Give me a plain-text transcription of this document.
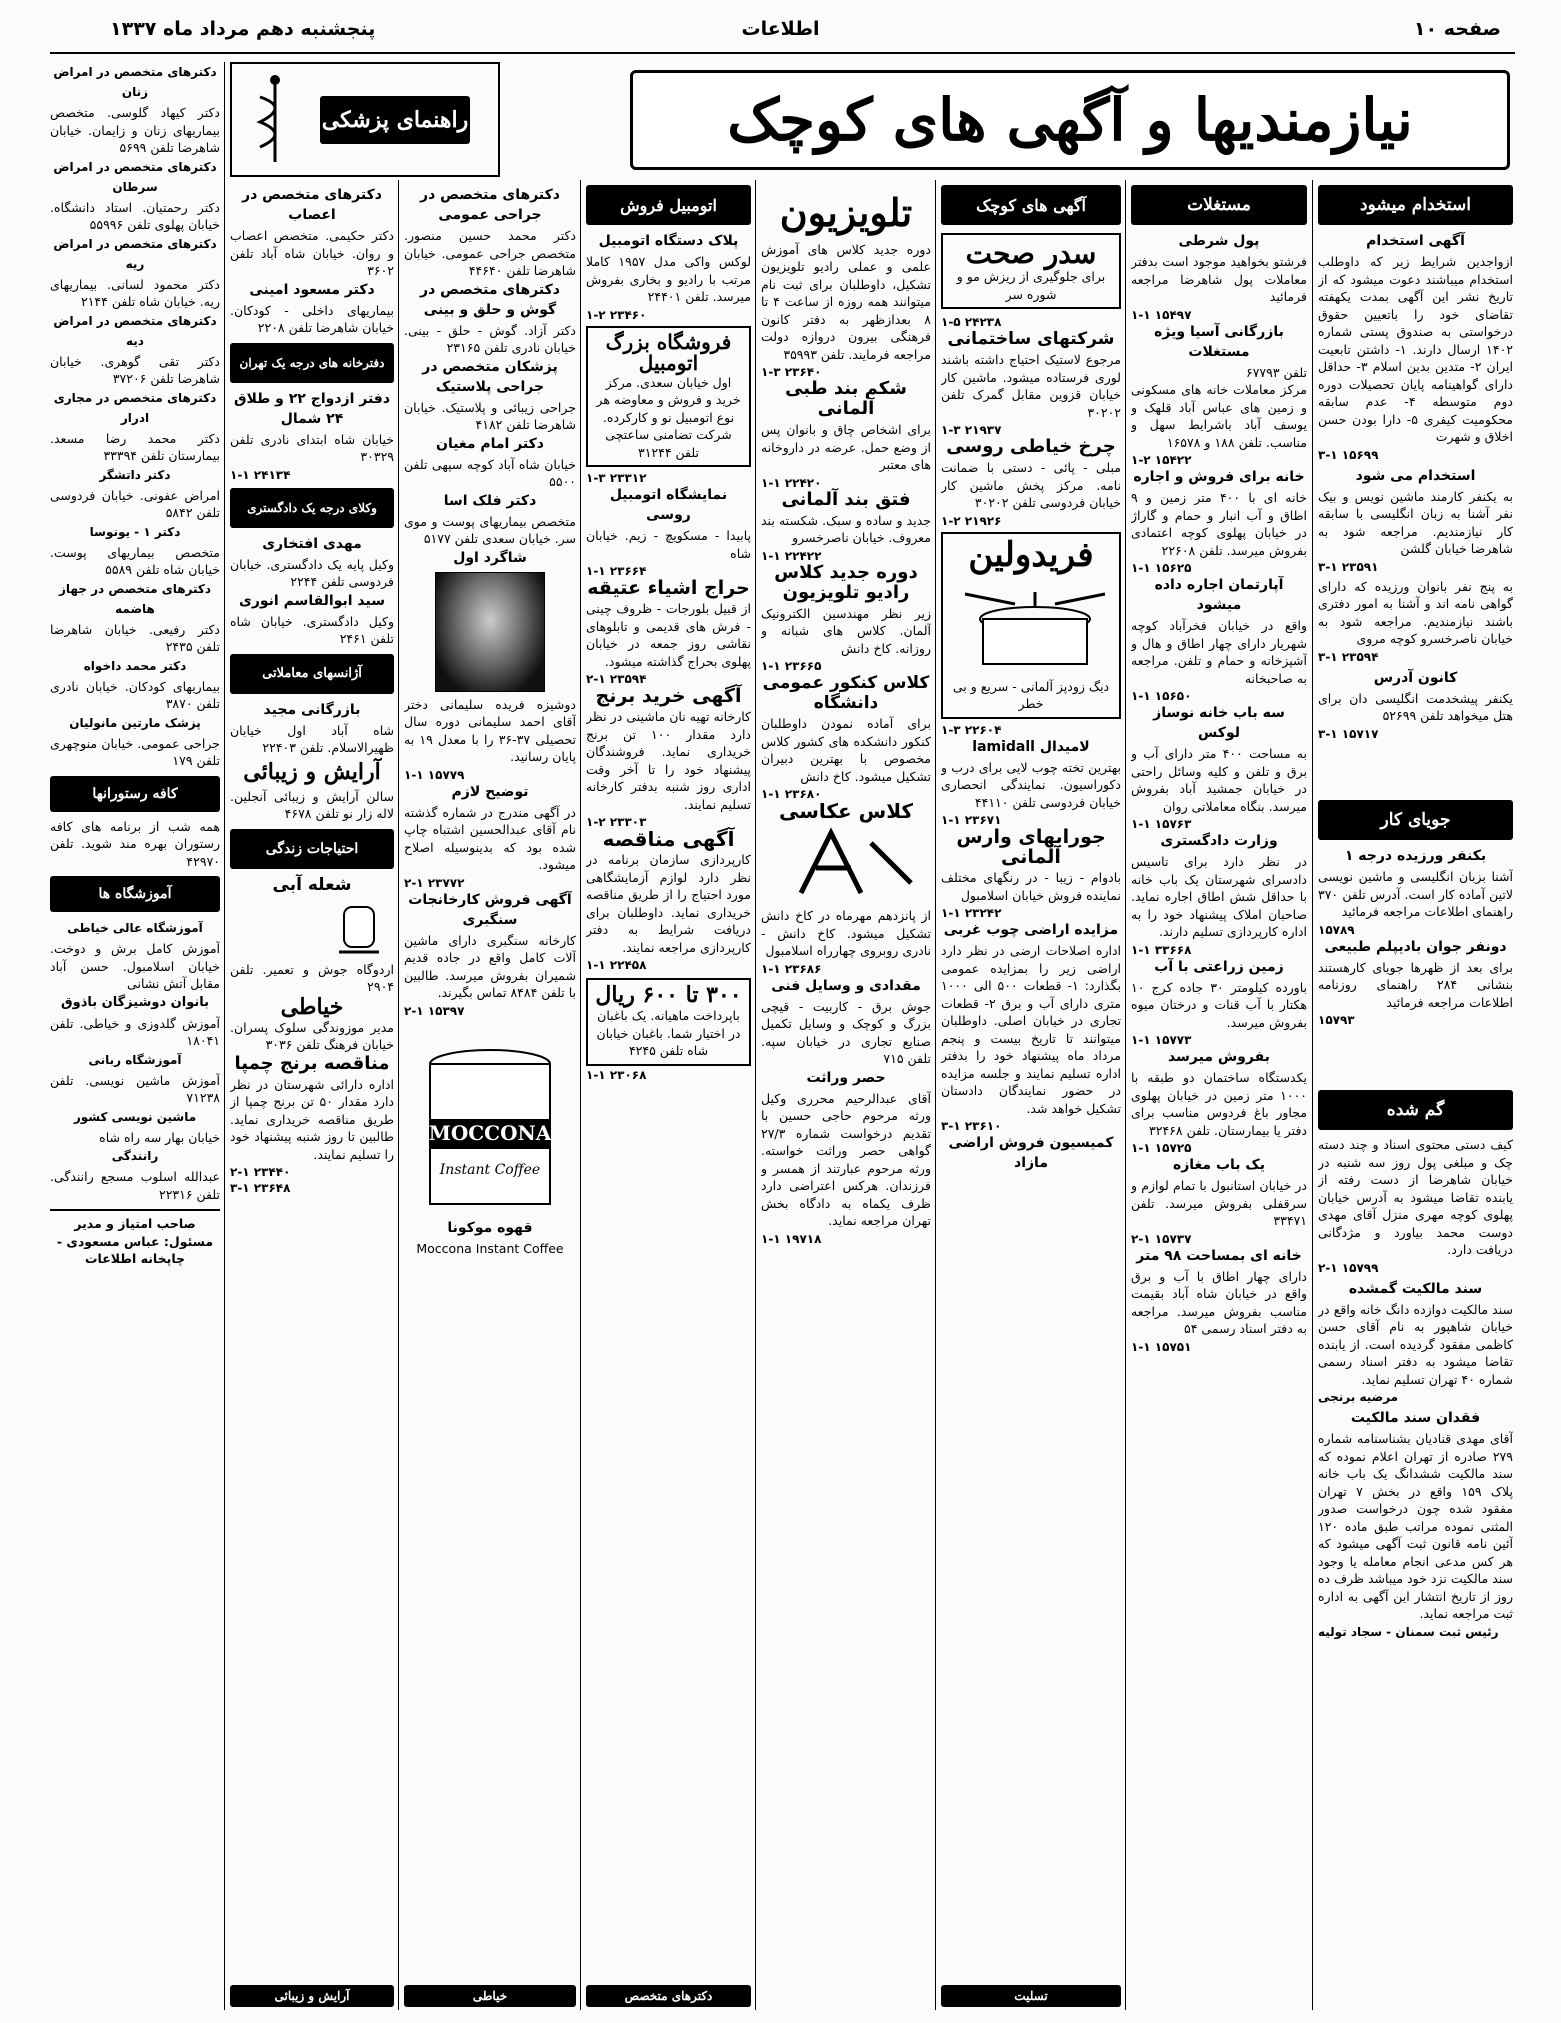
صفحه ۱۰
اطلاعات
پنجشنبه دهم مرداد ماه ۱۳۳۷
نیازمندیها و آگهی های کوچک
راهنمای پزشکی
استخدام میشود
آگهی استخدام

ازواجدین شرایط زیر که داوطلب استخدام میباشند دعوت میشود که از تاریخ نشر این آگهی بمدت یکهفته تقاضای خود را باتعیین حقوق درخواستی به صندوق پستی شماره ۱۴۰۲ ارسال دارند. ۱- داشتن تابعیت ایران ۲- متدین بدین اسلام ۳- حداقل دارای گواهینامه پایان تحصیلات دوره دوم متوسطه ۴- عدم سابقه محکومیت کیفری ۵- دارا بودن حسن اخلاق و شهرت

۳-۱ ۱۵۶۹۹
استخدام می شود

به یکنفر کارمند ماشین نویس و بیک نفر آشنا به زبان انگلیسی با سابقه کار نیازمندیم. مراجعه شود به شاهرضا خیابان گلشن

۳-۱ ۲۳۵۹۱

به پنج نفر بانوان ورزیده که دارای گواهی نامه اند و آشنا به امور دفتری باشند نیازمندیم. مراجعه شود به خیابان ناصرخسرو کوچه مروی

۳-۱ ۲۳۵۹۴
کانون آدرس

یکنفر پیشخدمت انگلیسی دان برای هتل میخواهد تلفن ۵۲۶۹۹

۳-۱ ۱۵۷۱۷
جویای کار
بکنفر ورزیده درجه ۱

آشنا بزبان انگلیسی و ماشین نویسی لاتین آماده کار است. آدرس تلفن ۳۷۰ راهنمای اطلاعات مراجعه فرمائید

۱۵۷۸۹
دونفر جوان بادیپلم طبیعی

برای بعد از ظهرها جویای کارهستند بنشانی ۲۸۴ راهنمای روزنامه اطلاعات مراجعه فرمائید

۱۵۷۹۳
گم شده

کیف دستی محتوی اسناد و چند دسته چک و مبلغی پول روز سه شنبه در خیابان شاهرضا از دست رفته از یابنده تقاضا میشود به آدرس خیابان پهلوی کوچه مهری منزل آقای مهدی دوست محمد بیاورد و مژدگانی دریافت دارد.

۲-۱ ۱۵۷۹۹
سند مالکیت گمشده

سند مالکیت دوازده دانگ خانه واقع در خیابان شاهپور به نام آقای حسن کاظمی مفقود گردیده است. از یابنده تقاضا میشود به دفتر اسناد رسمی شماره ۴۰ تهران تسلیم نماید.

مرضیه برنجی
فقدان سند مالکیت

آقای مهدی قنادیان بشناسنامه شماره ۲۷۹ صادره از تهران اعلام نموده که سند مالکیت ششدانگ یک باب خانه پلاک ۱۵۹ واقع در بخش ۷ تهران مفقود شده چون درخواست صدور المثنی نموده مراتب طبق ماده ۱۲۰ آئین نامه قانون ثبت آگهی میشود که هر کس مدعی انجام معامله یا وجود سند مالکیت نزد خود میباشد ظرف ده روز از تاریخ انتشار این آگهی به اداره ثبت مراجعه نماید.

رئیس ثبت سمنان - سجاد تولیه
مستغلات
پول شرطی

فرشتو بخواهید موجود است بدفتر معاملات پول شاهرضا مراجعه فرمائید

۱-۱ ۱۵۴۹۷
بازرگانی آسیا ویژه مستغلات

تلفن ۶۷۷۹۳

مرکز معاملات خانه های مسکونی و زمین های عباس آباد قلهک و یوسف آباد باشرایط سهل و مناسب. تلفن ۱۸۸ و ۱۶۵۷۸

۱-۲ ۱۵۴۲۲
خانه برای فروش و اجاره

خانه ای با ۴۰۰ متر زمین و ۹ اطاق و آب انبار و حمام و گاراژ در خیابان پهلوی کوچه اعتمادی بفروش میرسد. تلفن ۲۲۶۰۸

۱-۱ ۱۵۶۲۵
آپارتمان اجاره داده میشود

واقع در خیابان فخرآباد کوچه شهریار دارای چهار اطاق و هال و آشپزخانه و حمام و تلفن. مراجعه به صاحبخانه

۱-۱ ۱۵۶۵۰
سه باب خانه نوساز لوکس

به مساحت ۴۰۰ متر دارای آب و برق و تلفن و کلیه وسائل راحتی در خیابان جمشید آباد بفروش میرسد. بنگاه معاملاتی روان

۱-۱ ۱۵۷۶۳
وزارت دادگستری

در نظر دارد برای تاسیس دادسرای شهرستان یک باب خانه با حداقل شش اطاق اجاره نماید. صاحبان املاک پیشنهاد خود را به اداره کارپردازی تسلیم دارند.

۱-۱ ۳۳۶۶۸
زمین زراعتی با آب

باورده کیلومتر ۳۰ جاده کرج ۱۰ هکتار با آب قنات و درختان میوه بفروش میرسد.

۱-۱ ۱۵۷۷۳
بفروش میرسد

یکدستگاه ساختمان دو طبقه با ۱۰۰۰ متر زمین در خیابان پهلوی مجاور باغ فردوس مناسب برای دفتر یا بیمارستان. تلفن ۳۲۴۶۸

۱-۱ ۱۵۷۲۵
یک باب مغازه

در خیابان استانبول با تمام لوازم و سرقفلی بفروش میرسد. تلفن ۳۳۴۷۱

۲-۱ ۱۵۷۳۷
خانه ای بمساحت ۹۸ متر

دارای چهار اطاق با آب و برق واقع در خیابان شاه آباد بقیمت مناسب بفروش میرسد. مراجعه به دفتر اسناد رسمی ۵۴

۱-۱ ۱۵۷۵۱
آگهی های کوچک
سدر صحت

برای جلوگیری از ریزش مو و شوره سر

۱-۵ ۲۴۲۳۸
شرکتهای ساختمانی

مرجوع لاستیک احتیاج داشته باشند لوری فرستاده میشود. ماشین کار خیابان قزوین مقابل گمرک تلفن ۳۰۲۰۲

۱-۳ ۲۱۹۳۷
چرخ خیاطی روسی

مبلی - پائی - دستی با ضمانت نامه. مرکز پخش ماشین کار خیابان فردوسی تلفن ۳۰۲۰۲

۱-۲ ۲۱۹۲۶
فریدولین

دیگ زودپز آلمانی - سریع و بی خطر

۱-۳ ۲۲۶۰۴
لامیدال lamidall

بهترین تخته چوب لایی برای درب و دکوراسیون. نمایندگی انحصاری خیابان فردوسی تلفن ۴۴۱۱۰

۱-۱ ۲۳۶۷۱
جورابهای وارس آلمانی

بادوام - زیبا - در رنگهای مختلف نماینده فروش خیابان اسلامبول

۱-۱ ۲۳۲۴۲
مزایده اراضی چوب غربی

اداره اصلاحات ارضی در نظر دارد اراضی زیر را بمزایده عمومی بگذارد: ۱- قطعات ۵۰۰ الی ۱۰۰۰ متری دارای آب و برق ۲- قطعات تجاری در خیابان اصلی. داوطلبان میتوانند تا تاریخ بیست و پنجم مرداد ماه پیشنهاد خود را بدفتر اداره تسلیم نمایند و جلسه مزایده در حضور نمایندگان دادستان تشکیل خواهد شد.

۳-۱ ۲۳۶۱۰
کمیسیون فروش اراضی مازاد
تلویزیون

دوره جدید کلاس های آموزش علمی و عملی رادیو تلویزیون تشکیل، داوطلبان برای ثبت نام میتوانند همه روزه از ساعت ۴ تا ۸ بعدازظهر به دفتر کانون فرهنگی بیرون دروازه دولت مراجعه فرمایند. تلفن ۳۵۹۹۳

۱-۳ ۲۳۶۴۰
شکم بند طبی آلمانی

برای اشخاص چاق و بانوان پس از وضع حمل. عرضه در داروخانه های معتبر

۱-۱ ۲۲۴۲۰
فتق بند آلمانی

جدید و ساده و سبک. شکسته بند معروف. خیابان ناصرخسرو

۱-۱ ۲۲۴۲۲
دوره جدید کلاس رادیو تلویزیون

زیر نظر مهندسین الکترونیک آلمان. کلاس های شبانه و روزانه. کاخ دانش

۱-۱ ۲۳۶۶۵
کلاس کنکور عمومی دانشگاه

برای آماده نمودن داوطلبان کنکور دانشکده های کشور کلاس مخصوص با بهترین دبیران تشکیل میشود. کاخ دانش

۱-۱ ۲۳۶۸۰
کلاس عکاسی

از پانزدهم مهرماه در کاخ دانش تشکیل میشود. کاخ دانش - نادری روبروی چهارراه اسلامبول

۱-۱ ۲۳۶۸۶
مقدادی و وسایل فنی

جوش برق - کاربیت - قیچی بزرگ و کوچک و وسایل تکمیل صنایع تجاری در خیابان سپه. تلفن ۷۱۵

حصر وراثت

آقای عبدالرحیم محرری وکیل ورثه مرحوم حاجی حسین با تقدیم درخواست شماره ۲۷/۳ گواهی حصر وراثت خواسته. ورثه مرحوم عبارتند از همسر و فرزندان. هرکس اعتراضی دارد ظرف یکماه به دادگاه بخش تهران مراجعه نماید.

۱-۱ ۱۹۷۱۸
اتومبیل فروش
پلاک دستگاه اتومبیل

لوکس واکی مدل ۱۹۵۷ کاملا مرتب با رادیو و بخاری بفروش میرسد. تلفن ۲۴۴۰۱

۱-۲ ۲۳۴۶۰
فروشگاه بزرگ اتومبیل

اول خیابان سعدی. مرکز خرید و فروش و معاوضه هر نوع اتومبیل نو و کارکرده. شرکت تضامنی ساعتچی تلفن ۳۱۲۴۴

۱-۳ ۲۳۳۱۲
نمایشگاه اتومبیل روسی

پابیدا - مسکویچ - زیم. خیابان شاه

۱-۱ ۲۳۶۶۴
حراج اشیاء عتیقه

از قبیل بلورجات - ظروف چینی - فرش های قدیمی و تابلوهای نقاشی روز جمعه در خیابان پهلوی بحراج گذاشته میشود.

۲-۱ ۲۳۵۹۴
آگهی خرید برنج

کارخانه تهیه نان ماشینی در نظر دارد مقدار ۱۰۰ تن برنج خریداری نماید. فروشندگان پیشنهاد خود را تا آخر وقت اداری روز شنبه بدفتر کارخانه تسلیم نمایند.

۱-۲ ۲۳۳۰۳
آگهی مناقصه

کارپردازی سازمان برنامه در نظر دارد لوازم آزمایشگاهی مورد احتیاج را از طریق مناقصه خریداری نماید. داوطلبان برای دریافت شرایط به دفتر کارپردازی مراجعه نمایند.

۱-۱ ۲۲۴۵۸
۳۰۰ تا ۶۰۰ ریال

باپرداخت ماهیانه. یک باغبان در اختیار شما. باغبان خیابان شاه تلفن ۴۲۴۵

۱-۱ ۲۳۰۶۸
دکترهای متخصص در جراحی عمومی

دکتر محمد حسین منصور. متخصص جراحی عمومی. خیابان شاهرضا تلفن ۴۴۶۴۰

دکترهای متخصص در گوش و حلق و بینی

دکتر آزاد. گوش - حلق - بینی. خیابان نادری تلفن ۲۳۱۶۵

پزشکان متخصص در جراحی پلاستیک

جراحی زیبائی و پلاستیک. خیابان شاهرضا تلفن ۴۱۸۲

دکتر امام مغیان

خیابان شاه آباد کوچه سپهی تلفن ۵۵۰۰

دکتر فلک اسا

متخصص بیماریهای پوست و موی سر. خیابان سعدی تلفن ۵۱۷۷

شاگرد اول

دوشیزه فریده سلیمانی دختر آقای احمد سلیمانی دوره سال تحصیلی ۳۷-۳۶ را با معدل ۱۹ به پایان رسانید.

۱-۱ ۱۵۷۷۹
توضیح لازم

در آگهی مندرج در شماره گذشته نام آقای عبدالحسین اشتباه چاپ شده بود که بدینوسیله اصلاح میشود.

۲-۱ ۲۳۷۷۲
آگهی فروش کارخانجات سنگبری

کارخانه سنگبری دارای ماشین آلات کامل واقع در جاده قدیم شمیران بفروش میرسد. طالبین با تلفن ۸۴۸۴ تماس بگیرند.

۲-۱ ۱۵۳۹۷
MOCCONA
Instant Coffee
قهوه موکونا

Moccona Instant Coffee

دکترهای متخصص در اعصاب

دکتر حکیمی. متخصص اعصاب و روان. خیابان شاه آباد تلفن ۳۶۰۲

دکتر مسعود امینی

بیماریهای داخلی - کودکان. خیابان شاهرضا تلفن ۲۲۰۸

دفترخانه های درجه یک تهران
دفتر ازدواج ۲۲ و طلاق ۲۴ شمال

خیابان شاه ابتدای نادری تلفن ۳۰۳۲۹

۱-۱ ۲۴۱۳۴
وکلای درجه یک دادگستری
مهدی افتخاری

وکیل پایه یک دادگستری. خیابان فردوسی تلفن ۲۲۴۴

سید ابوالقاسم انوری

وکیل دادگستری. خیابان شاه تلفن ۲۴۶۱

آژانسهای معاملاتی
بازرگانی مجید

شاه آباد اول خیابان ظهیرالاسلام. تلفن ۲۲۴۰۳

آرایش و زیبائی

سالن آرایش و زیبائی آنجلین. لاله زار نو تلفن ۴۶۷۸

احتیاجات زندگی
شعله آبی

اردوگاه جوش و تعمیر. تلفن ۲۹۰۴

خیاطی

مدیر موزوندگی سلوک پسران. خیابان فرهنگ تلفن ۳۰۳۶

مناقصه برنج چمپا

اداره دارائی شهرستان در نظر دارد مقدار ۵۰ تن برنج چمپا از طریق مناقصه خریداری نماید. طالبین تا روز شنبه پیشنهاد خود را تسلیم نمایند.

۲-۱ ۲۳۴۴۰
۳-۱ ۲۳۶۴۸
دکترهای متخصص در امراض زنان

دکتر کیهاد گلوسی. متخصص بیماریهای زنان و زایمان. خیابان شاهرضا تلفن ۵۶۹۹

دکترهای متخصص در امراض سرطان

دکتر رحمتیان. استاد دانشگاه. خیابان پهلوی تلفن ۵۵۹۹۶

دکترهای متخصص در امراض ریه

دکتر محمود لسانی. بیماریهای ریه. خیابان شاه تلفن ۲۱۴۴

دکترهای متخصص در امراض دیه

دکتر تقی گوهری. خیابان شاهرضا تلفن ۳۷۲۰۶

دکترهای متخصص در مجاری ادرار

دکتر محمد رضا مسعد. بیمارستان تلفن ۳۳۳۹۴

دکتر داتشگر

امراض عفونی. خیابان فردوسی تلفن ۵۸۴۲

دکتر ۱ - یونوسا

متخصص بیماریهای پوست. خیابان شاه تلفن ۵۵۸۹

دکترهای متخصص در جهاز هاضمه

دکتر رفیعی. خیابان شاهرضا تلفن ۲۴۳۵

دکتر محمد داخواه

بیماریهای کودکان. خیابان نادری تلفن ۳۸۷۰

پزشک مارتین مانولیان

جراحی عمومی. خیابان منوچهری تلفن ۱۷۹

کافه رستورانها

همه شب از برنامه های کافه رستوران بهره مند شوید. تلفن ۴۲۹۷۰

آموزشگاه ها
آموزشگاه عالی خیاطی

آموزش کامل برش و دوخت. خیابان اسلامبول. حسن آباد مقابل آتش نشانی

بانوان دوشیزگان باذوق

آموزش گلدوزی و خیاطی. تلفن ۱۸۰۴۱

آموزشگاه ربانی

آموزش ماشین نویسی. تلفن ۷۱۲۳۸

ماشین نویسی کشور

خیابان بهار سه راه شاه

رانندگی

عبدالله اسلوب مسجع رانندگی. تلفن ۲۲۳۱۶

صاحب امتیاز و مدیر مسئول: عباس مسعودی - چاپخانه اطلاعات

تسلیت
آرایش و زیبائی	خیاطی	دکترهای متخصص
